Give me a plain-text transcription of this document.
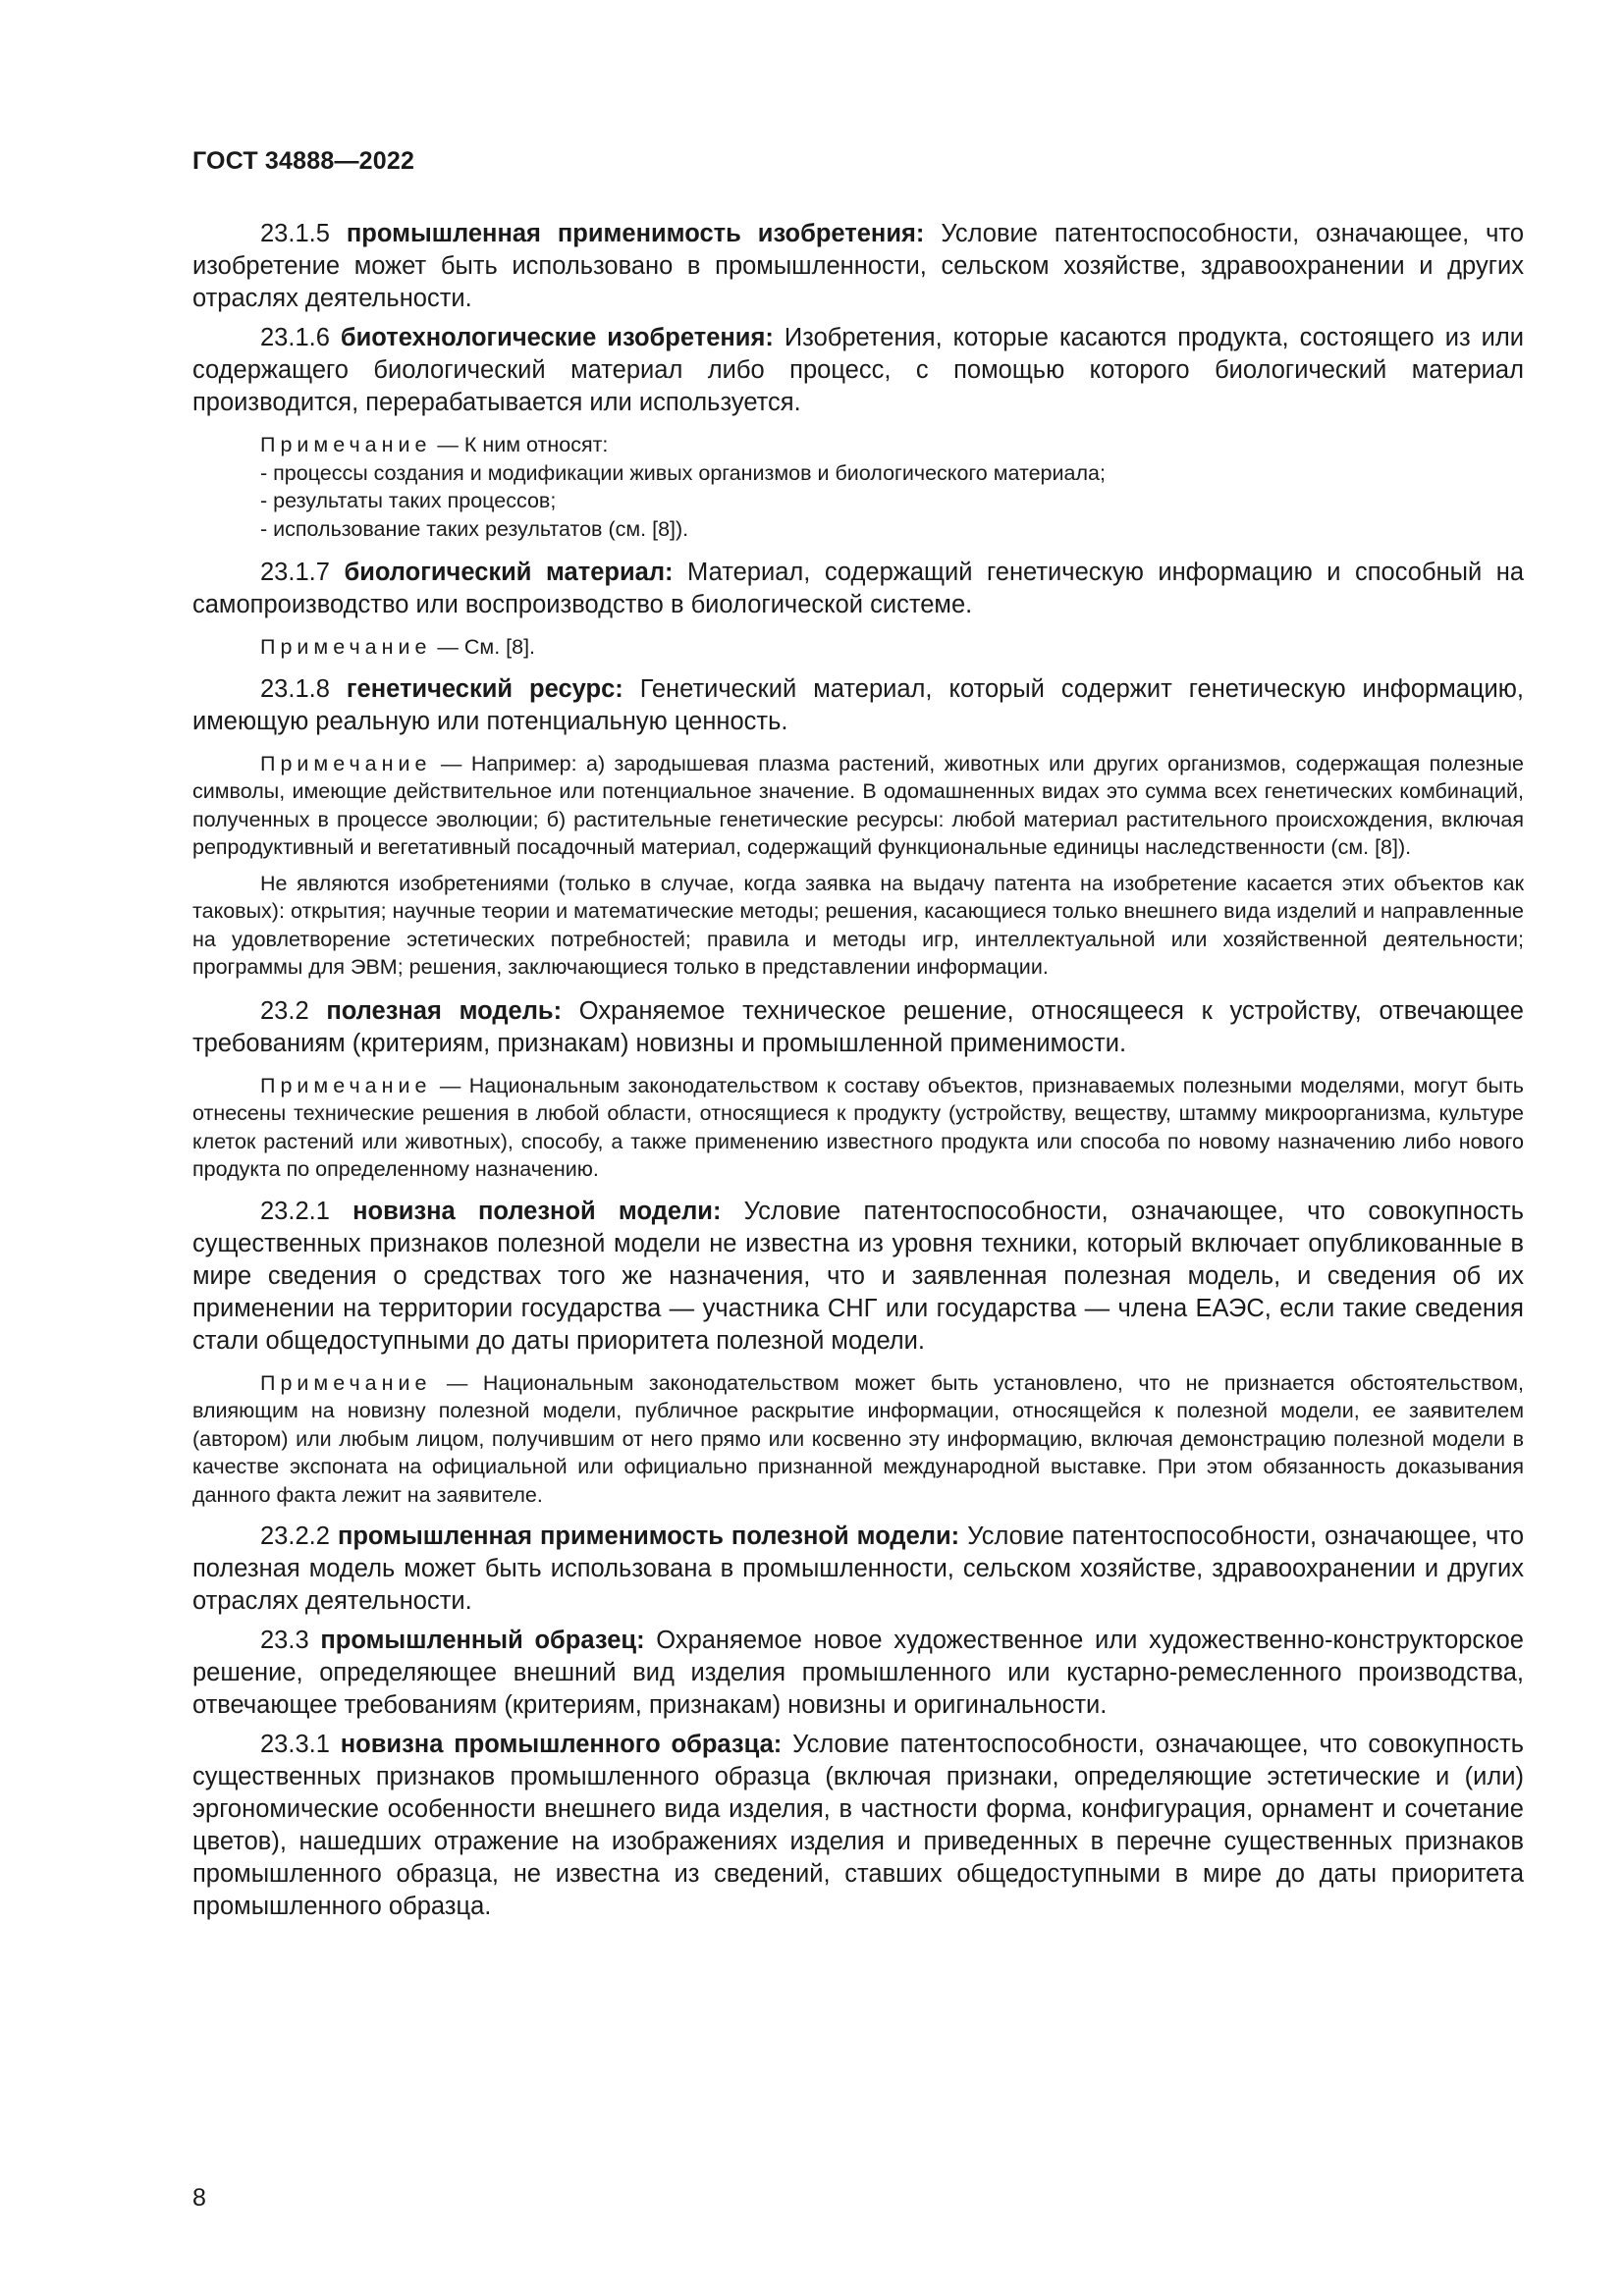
ГОСТ 34888—2022

23.1.5 промышленная применимость изобретения: Условие патентоспособности, означающее, что изобретение может быть использовано в промышленности, сельском хозяйстве, здравоохранении и других отраслях деятельности.

23.1.6 биотехнологические изобретения: Изобретения, которые касаются продукта, состоящего из или содержащего биологический материал либо процесс, с помощью которого биологический материал производится, перерабатывается или используется.

Примечание — К ним относят:

- процессы создания и модификации живых организмов и биологического материала;
- результаты таких процессов;
- использование таких результатов (см. [8]).

23.1.7 биологический материал: Материал, содержащий генетическую информацию и способный на самопроизводство или воспроизводство в биологической системе.

Примечание — См. [8].

23.1.8 генетический ресурс: Генетический материал, который содержит генетическую информацию, имеющую реальную или потенциальную ценность.

Примечание — Например: а) зародышевая плазма растений, животных или других организмов, содержащая полезные символы, имеющие действительное или потенциальное значение. В одомашненных видах это сумма всех генетических комбинаций, полученных в процессе эволюции; б) растительные генетические ресурсы: любой материал растительного происхождения, включая репродуктивный и вегетативный посадочный материал, содержащий функциональные единицы наследственности (см. [8]).

Не являются изобретениями (только в случае, когда заявка на выдачу патента на изобретение касается этих объектов как таковых): открытия; научные теории и математические методы; решения, касающиеся только внешнего вида изделий и направленные на удовлетворение эстетических потребностей; правила и методы игр, интеллектуальной или хозяйственной деятельности; программы для ЭВМ; решения, заключающиеся только в представлении информации.

23.2 полезная модель: Охраняемое техническое решение, относящееся к устройству, отвечающее требованиям (критериям, признакам) новизны и промышленной применимости.

Примечание — Национальным законодательством к составу объектов, признаваемых полезными моделями, могут быть отнесены технические решения в любой области, относящиеся к продукту (устройству, веществу, штамму микроорганизма, культуре клеток растений или животных), способу, а также применению известного продукта или способа по новому назначению либо нового продукта по определенному назначению.

23.2.1 новизна полезной модели: Условие патентоспособности, означающее, что совокупность существенных признаков полезной модели не известна из уровня техники, который включает опубликованные в мире сведения о средствах того же назначения, что и заявленная полезная модель, и сведения об их применении на территории государства — участника СНГ или государства — члена ЕАЭС, если такие сведения стали общедоступными до даты приоритета полезной модели.

Примечание — Национальным законодательством может быть установлено, что не признается обстоятельством, влияющим на новизну полезной модели, публичное раскрытие информации, относящейся к полезной модели, ее заявителем (автором) или любым лицом, получившим от него прямо или косвенно эту информацию, включая демонстрацию полезной модели в качестве экспоната на официальной или официально признанной международной выставке. При этом обязанность доказывания данного факта лежит на заявителе.

23.2.2 промышленная применимость полезной модели: Условие патентоспособности, означающее, что полезная модель может быть использована в промышленности, сельском хозяйстве, здравоохранении и других отраслях деятельности.

23.3 промышленный образец: Охраняемое новое художественное или художественно-конструкторское решение, определяющее внешний вид изделия промышленного или кустарно-ремесленного производства, отвечающее требованиям (критериям, признакам) новизны и оригинальности.

23.3.1 новизна промышленного образца: Условие патентоспособности, означающее, что совокупность существенных признаков промышленного образца (включая признаки, определяющие эстетические и (или) эргономические особенности внешнего вида изделия, в частности форма, конфигурация, орнамент и сочетание цветов), нашедших отражение на изображениях изделия и приведенных в перечне существенных признаков промышленного образца, не известна из сведений, ставших общедоступными в мире до даты приоритета промышленного образца.

8
